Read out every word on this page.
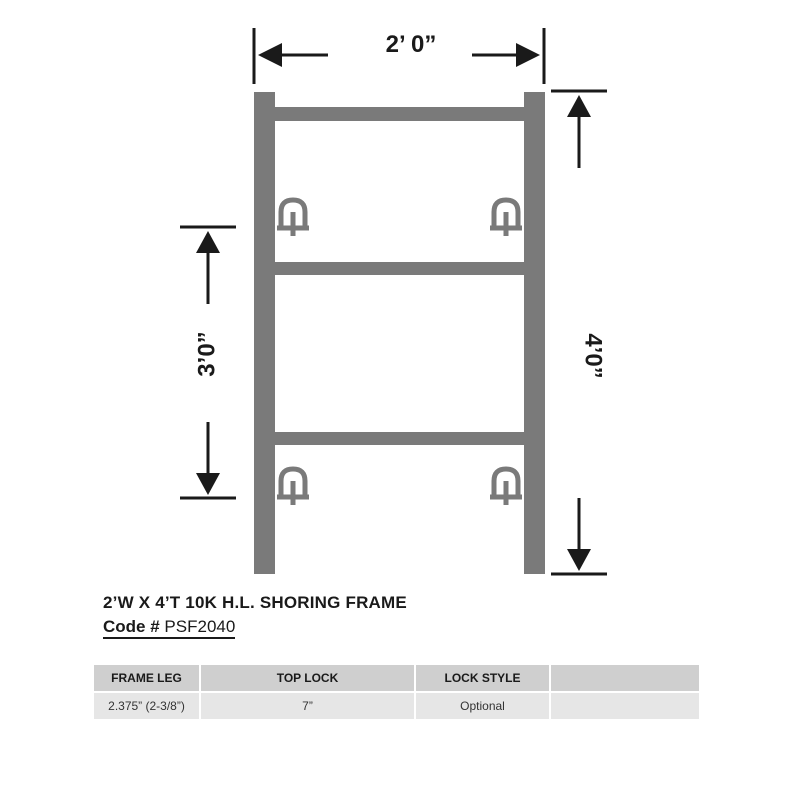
2’ 0”
3’0”	4’0”
2’W X 4’T 10K H.L. SHORING FRAME
Code # PSF2040
FRAME LEG	TOP LOCK	LOCK STYLE	
2.375” (2-3/8”)	7”	Optional	
